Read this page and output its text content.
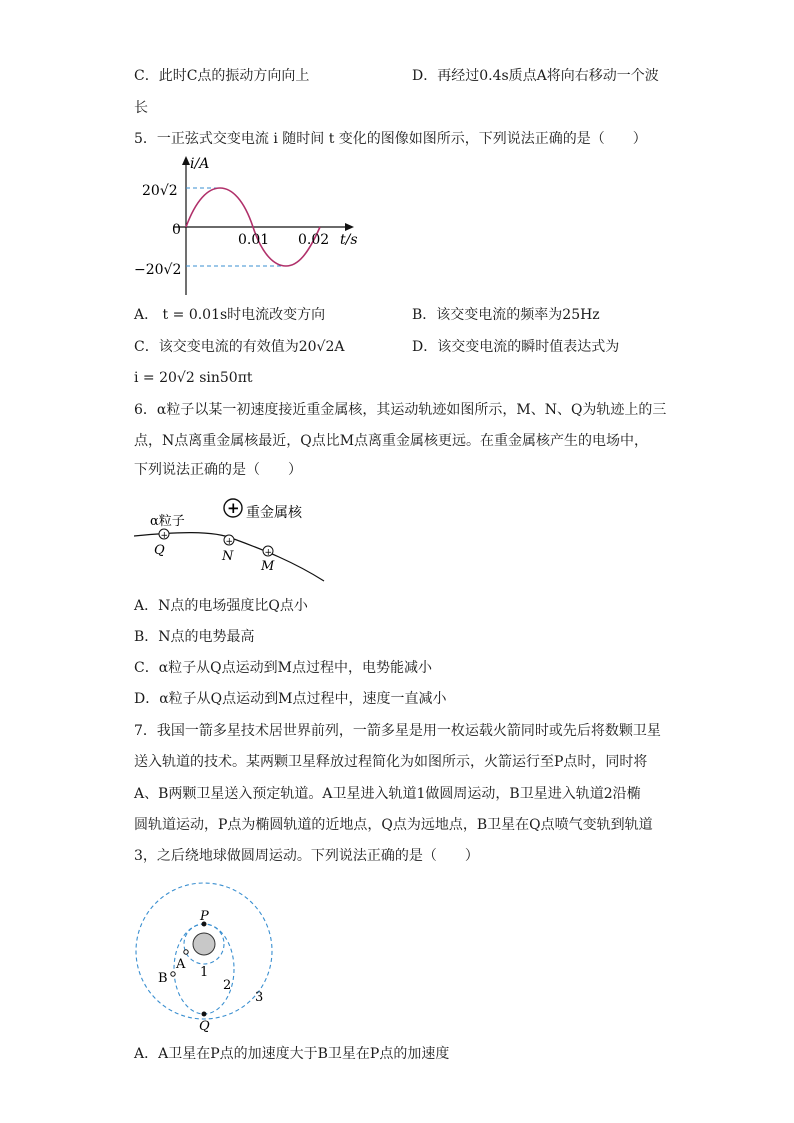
C．此时C点的振动方向向上	D．再经过0.4s质点A将向右移动一个波
长
5．一正弦式交变电流 i 随时间 t 变化的图像如图所示，下列说法正确的是（　　）
i/A
20√2
0
−20√2
0.01 0.02 t/s
A． t = 0.01s时电流改变方向	B．该交变电流的频率为25Hz
C．该交变电流的有效值为20√2A	D．该交变电流的瞬时值表达式为
i = 20√2 sin50πt
6．α粒子以某一初速度接近重金属核，其运动轨迹如图所示，M、N、Q为轨迹上的三
点，N点离重金属核最近，Q点比M点离重金属核更远。在重金属核产生的电场中，
下列说法正确的是（　　）
+ 重金属核
α粒子
+
Q
+
N	+
M
A．N点的电场强度比Q点小
B．N点的电势最高
C．α粒子从Q点运动到M点过程中，电势能减小
D．α粒子从Q点运动到M点过程中，速度一直减小
7．我国一箭多星技术居世界前列，一箭多星是用一枚运载火箭同时或先后将数颗卫星
送入轨道的技术。某两颗卫星释放过程简化为如图所示，火箭运行至P点时，同时将
A、B两颗卫星送入预定轨道。A卫星进入轨道1做圆周运动，B卫星进入轨道2沿椭
圆轨道运动，P点为椭圆轨道的近地点，Q点为远地点，B卫星在Q点喷气变轨到轨道
3，之后绕地球做圆周运动。下列说法正确的是（　　）
P
Q
A
B 1
2
3
A．A卫星在P点的加速度大于B卫星在P点的加速度
